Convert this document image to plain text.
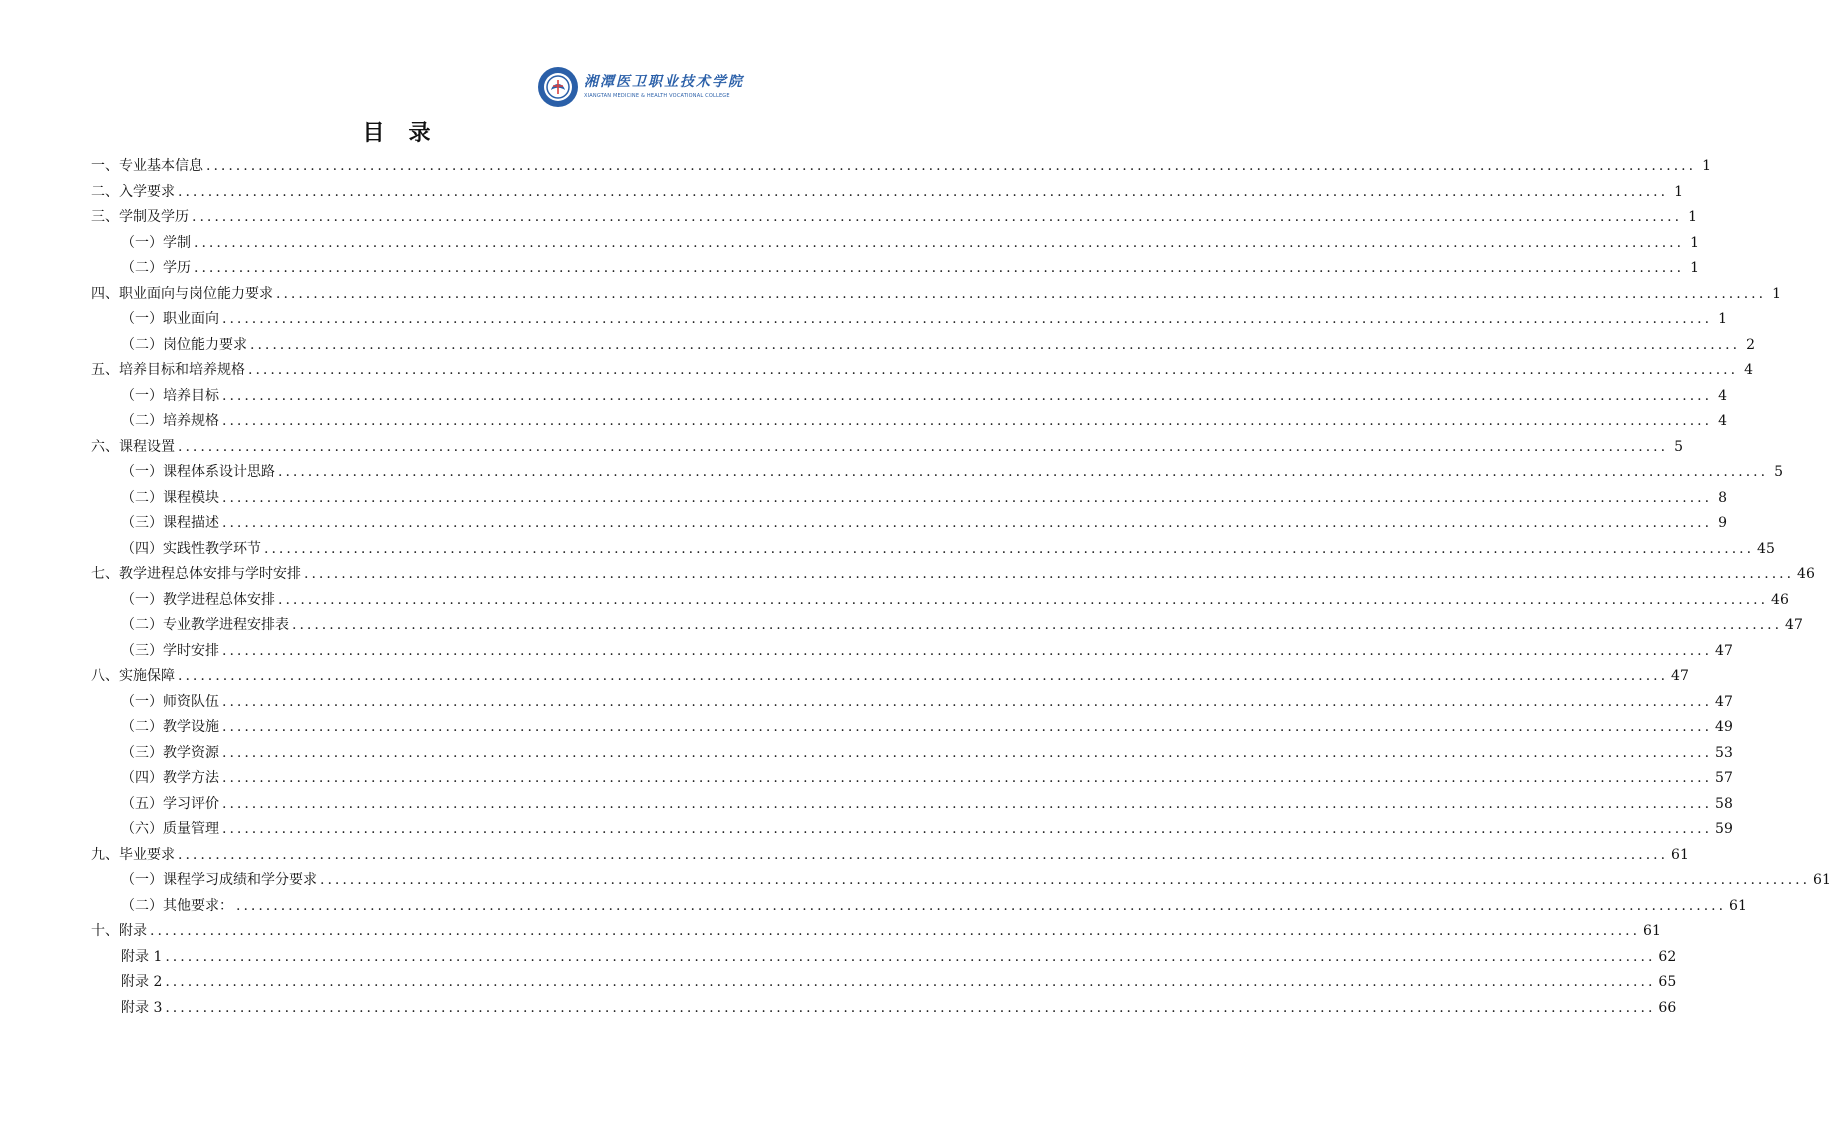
湘潭医卫职业技术学院
XIANGTAN MEDICINE & HEALTH VOCATIONAL COLLEGE
目录
一、专业基本信息 ........................................................................................................................................................................................................ 1
二、入学要求 ........................................................................................................................................................................................................ 1
三、学制及学历 ........................................................................................................................................................................................................ 1
（一）学制 ........................................................................................................................................................................................................ 1
（二）学历 ........................................................................................................................................................................................................ 1
四、职业面向与岗位能力要求 ........................................................................................................................................................................................................ 1
（一）职业面向 ........................................................................................................................................................................................................ 1
（二）岗位能力要求 ........................................................................................................................................................................................................ 2
五、培养目标和培养规格 ........................................................................................................................................................................................................ 4
（一）培养目标 ........................................................................................................................................................................................................ 4
（二）培养规格 ........................................................................................................................................................................................................ 4
六、课程设置 ........................................................................................................................................................................................................ 5
（一）课程体系设计思路 ........................................................................................................................................................................................................ 5
（二）课程模块 ........................................................................................................................................................................................................ 8
（三）课程描述 ........................................................................................................................................................................................................ 9
（四）实践性教学环节 ........................................................................................................................................................................................................ 45
七、教学进程总体安排与学时安排 ........................................................................................................................................................................................................ 46
（一）教学进程总体安排 ........................................................................................................................................................................................................ 46
（二）专业教学进程安排表 ........................................................................................................................................................................................................ 47
（三）学时安排 ........................................................................................................................................................................................................ 47
八、实施保障 ........................................................................................................................................................................................................ 47
（一）师资队伍 ........................................................................................................................................................................................................ 47
（二）教学设施 ........................................................................................................................................................................................................ 49
（三）教学资源 ........................................................................................................................................................................................................ 53
（四）教学方法 ........................................................................................................................................................................................................ 57
（五）学习评价 ........................................................................................................................................................................................................ 58
（六）质量管理 ........................................................................................................................................................................................................ 59
九、毕业要求 ........................................................................................................................................................................................................ 61
（一）课程学习成绩和学分要求 ........................................................................................................................................................................................................ 61
（二）其他要求： ........................................................................................................................................................................................................ 61
十、附录 ........................................................................................................................................................................................................ 61
附录 1 ........................................................................................................................................................................................................ 62
附录 2 ........................................................................................................................................................................................................ 65
附录 3 ........................................................................................................................................................................................................ 66
